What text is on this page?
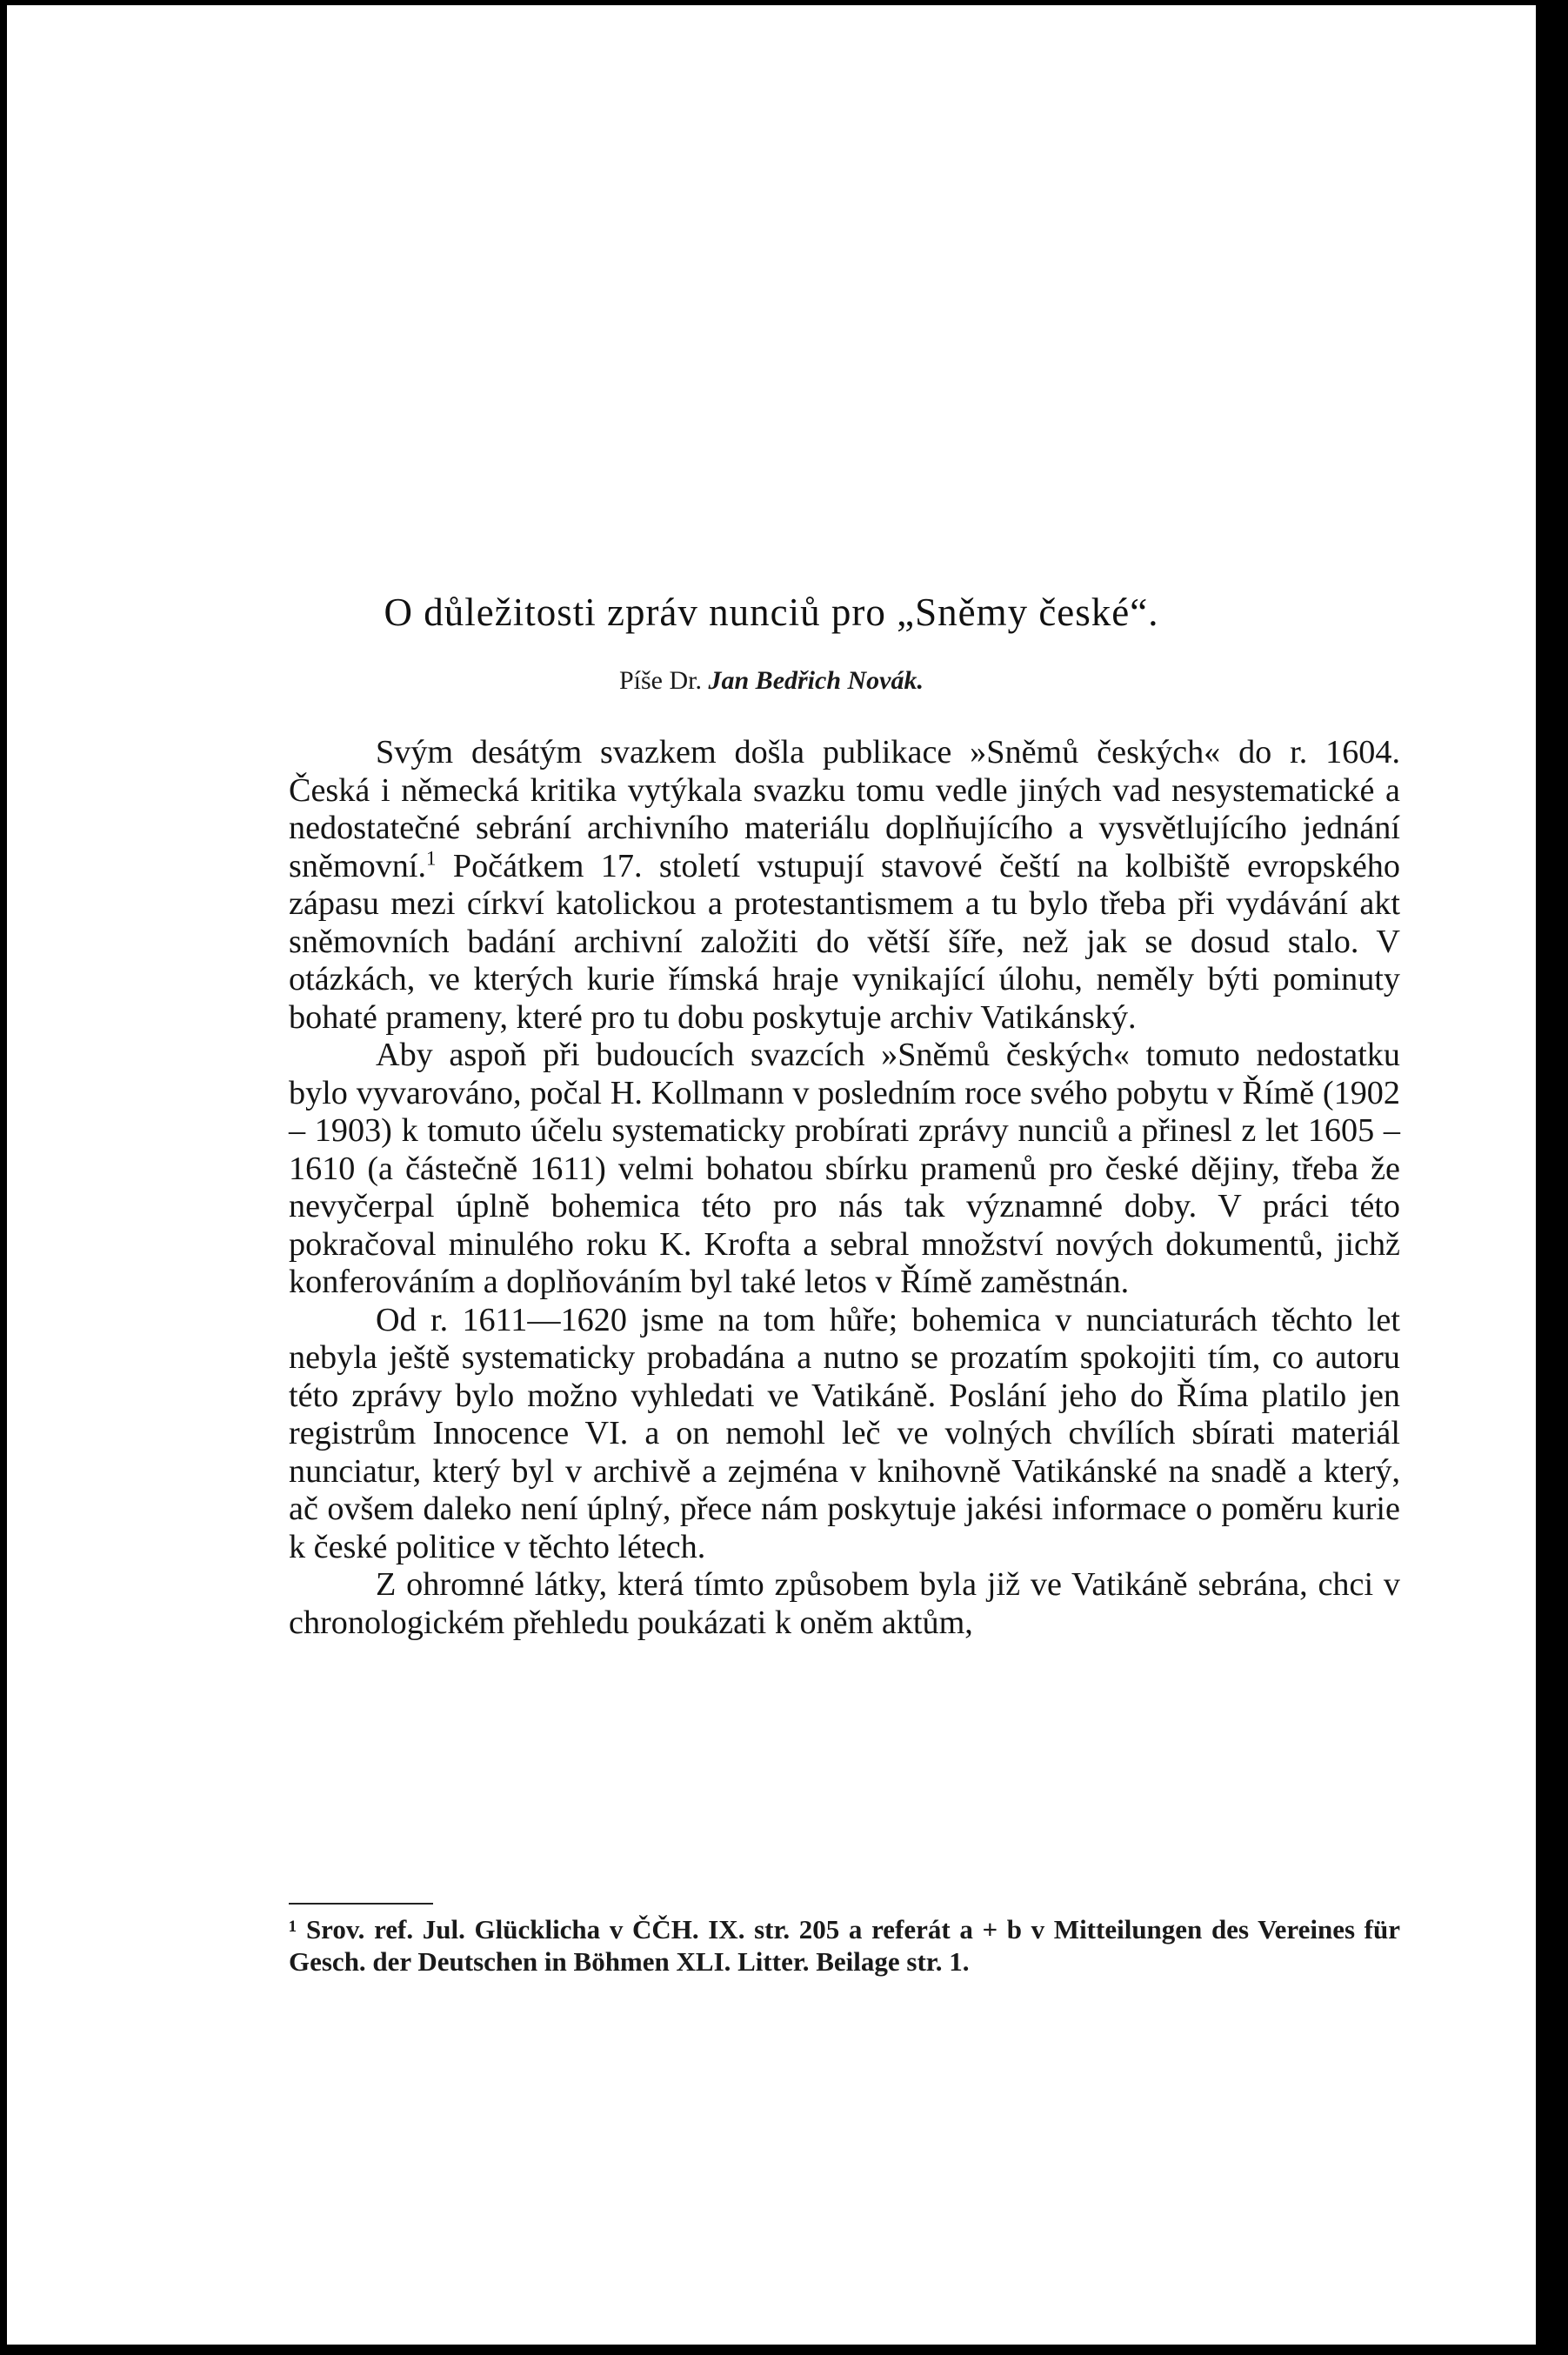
O důležitosti zpráv nunciů pro „Sněmy české“.
Píše Dr. Jan Bedřich Novák.

Svým desátým svazkem došla publikace »Sněmů českých« do r. 1604. Česká i německá kritika vytýkala svazku tomu vedle jiných vad nesystematické a nedostatečné sebrání archivního materiálu doplňujícího a vysvětlujícího jednání sněmovní.$^1$ Počátkem 17. století vstupují stavové čeští na kolbiště evropského zápasu mezi církví katolickou a protestantismem a tu bylo třeba při vydávání akt sněmovních badání archivní založiti do větší šíře, než jak se dosud stalo. V otázkách, ve kterých kurie římská hraje vynikající úlohu, neměly býti pominuty bohaté prameny, které pro tu dobu poskytuje archiv Vatikánský.

Aby aspoň při budoucích svazcích »Sněmů českých« tomuto nedostatku bylo vyvarováno, počal H. Kollmann v posledním roce svého pobytu v Římě (1902 – 1903) k tomuto účelu systematicky probírati zprávy nunciů a přinesl z let 1605 – 1610 (a částečně 1611) velmi bohatou sbírku pramenů pro české dějiny, třeba že nevyčerpal úplně bohemica této pro nás tak významné doby. V práci této pokračoval minulého roku K. Krofta a sebral množství nových dokumentů, jichž konferováním a doplňováním byl také letos v Římě zaměstnán.

Od r. 1611—1620 jsme na tom hůře; bohemica v nunciaturách těchto let nebyla ještě systematicky probadána a nutno se prozatím spokojiti tím, co autoru této zprávy bylo možno vyhledati ve Vatikáně. Poslání jeho do Říma platilo jen registrům Innocence VI. a on nemohl leč ve volných chvílích sbírati materiál nunciatur, který byl v archivě a zejména v knihovně Vatikánské na snadě a který, ač ovšem daleko není úplný, přece nám poskytuje jakési informace o poměru kurie k české politice v těchto létech.

Z ohromné látky, která tímto způsobem byla již ve Vatikáně sebrána, chci v chronologickém přehledu poukázati k oněm aktům,

¹ Srov. ref. Jul. Glücklicha v ČČH. IX. str. 205 a referát a + b v Mitteilungen des Vereines für Gesch. der Deutschen in Böhmen XLI. Litter. Beilage str. 1.
